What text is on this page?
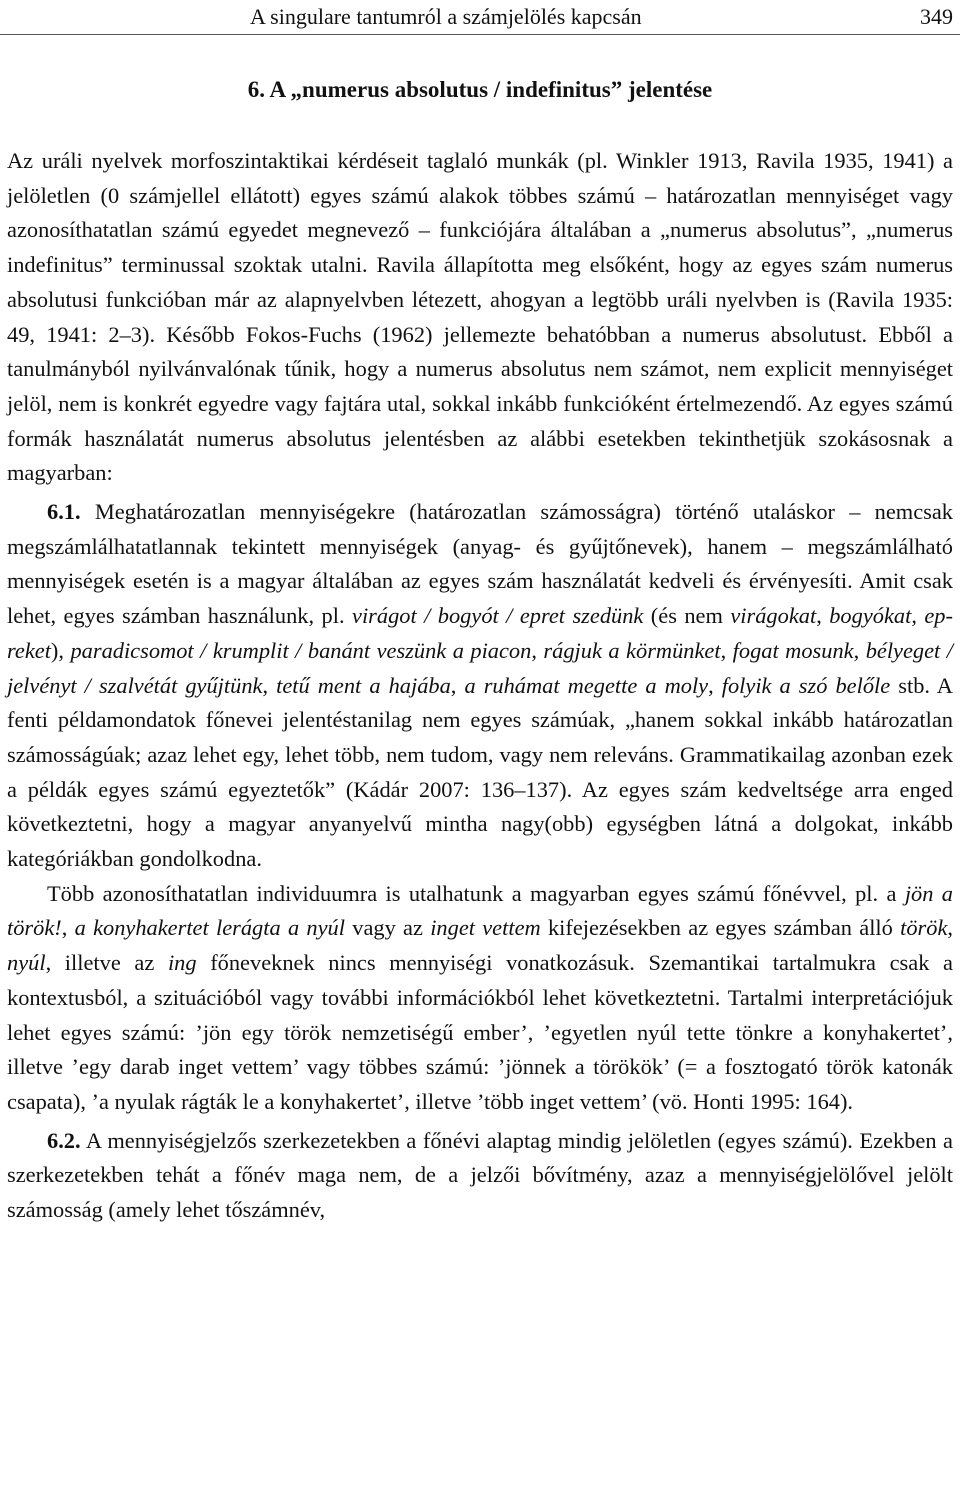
A singulare tantumról a számjelölés kapcsán	349
6. A „numerus absolutus / indefinitus” jelentése

Az uráli nyelvek morfoszintaktikai kérdéseit taglaló munkák (pl. Winkler 1913, Ravila 1935, 1941) a jelöletlen (0 számjellel ellátott) egyes számú alakok többes számú – határozatlan mennyiséget vagy azonosíthatatlan számú egyedet megnevező – funkciójára általában a „numerus absolutus”, „numerus indefinitus” terminussal szoktak utalni. Ravila állapította meg elsőként, hogy az egyes szám numerus absolutusi funkcióban már az alapnyelvben létezett, ahogyan a legtöbb uráli nyelvben is (Ravila 1935: 49, 1941: 2–3). Később Fokos-Fuchs (1962) jellemezte behatóbban a numerus absolutust. Ebből a tanulmányból nyilvánvalónak tűnik, hogy a numerus absolutus nem számot, nem explicit mennyiséget jelöl, nem is konkrét egyedre vagy fajtára utal, sokkal inkább funkcióként értelmezendő. Az egyes számú formák használatát numerus absolutus jelentésben az alábbi esetekben tekinthetjük szokásosnak a magyarban:

6.1. Meghatározatlan mennyiségekre (határozatlan számosságra) történő utaláskor – nemcsak megszámlálhatatlannak tekintett mennyiségek (anyag- és gyűjtőnevek), hanem – megszámlálható mennyiségek esetén is a magyar általában az egyes szám használatát kedveli és érvényesíti. Amit csak lehet, egyes számban használunk, pl. virágot / bogyót / epret szedünk (és nem virágokat, bogyókat, epreket), paradicsomot / krumplit / banánt veszünk a piacon, rágjuk a körmünket, fogat mosunk, bélyeget / jelvényt / szalvétát gyűjtünk, tetű ment a hajába, a ruhámat megette a moly, folyik a szó belőle stb. A fenti példamondatok főnevei jelentéstanilag nem egyes számúak, „hanem sokkal inkább határozatlan számosságúak; azaz lehet egy, lehet több, nem tudom, vagy nem releváns. Grammatikailag azonban ezek a példák egyes számú egyeztetők” (Kádár 2007: 136–137). Az egyes szám kedveltsége arra enged következtetni, hogy a magyar anyanyelvű mintha nagy(obb) egységben látná a dolgokat, inkább kategóriákban gondolkodna.

Több azonosíthatatlan individuumra is utalhatunk a magyarban egyes számú főnévvel, pl. a jön a török!, a konyhakertet lerágta a nyúl vagy az inget vettem kifejezésekben az egyes számban álló török, nyúl, illetve az ing főneveknek nincs mennyiségi vonatkozásuk. Szemantikai tartalmukra csak a kontextusból, a szituációból vagy további információkból lehet következtetni. Tartalmi interpretációjuk lehet egyes számú: ’jön egy török nemzetiségű ember’, ’egyetlen nyúl tette tönkre a konyhakertet’, illetve ’egy darab inget vettem’ vagy többes számú: ’jönnek a törökök’ (= a fosztogató török katonák csapata), ’a nyulak rágták le a konyhakertet’, illetve ’több inget vettem’ (vö. Honti 1995: 164).

6.2. A mennyiségjelzős szerkezetekben a főnévi alaptag mindig jelöletlen (egyes számú). Ezekben a szerkezetekben tehát a főnév maga nem, de a jelzői bővítmény, azaz a mennyiségjelölővel jelölt számosság (amely lehet tőszámnév,
